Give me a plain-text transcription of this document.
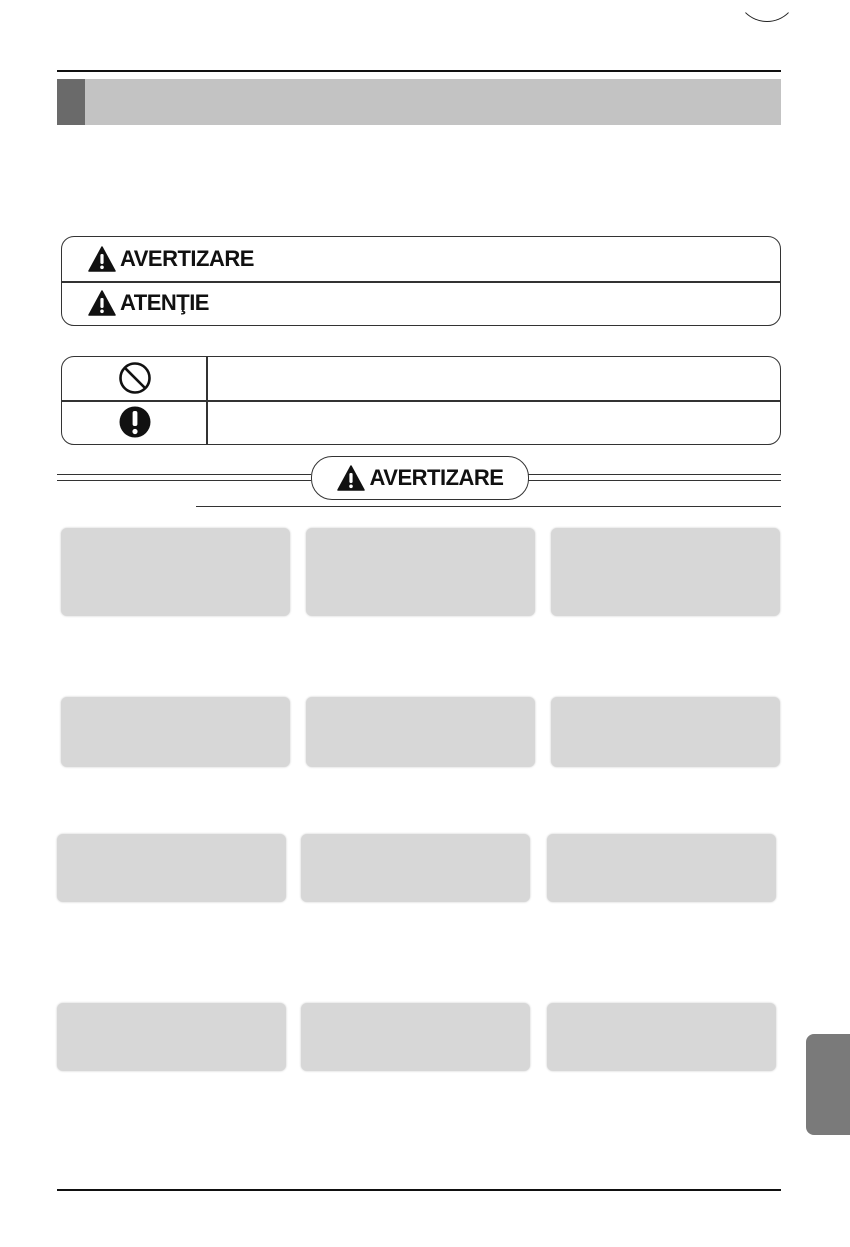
AVERTIZARE
ATENŢIE
AVERTIZARE
